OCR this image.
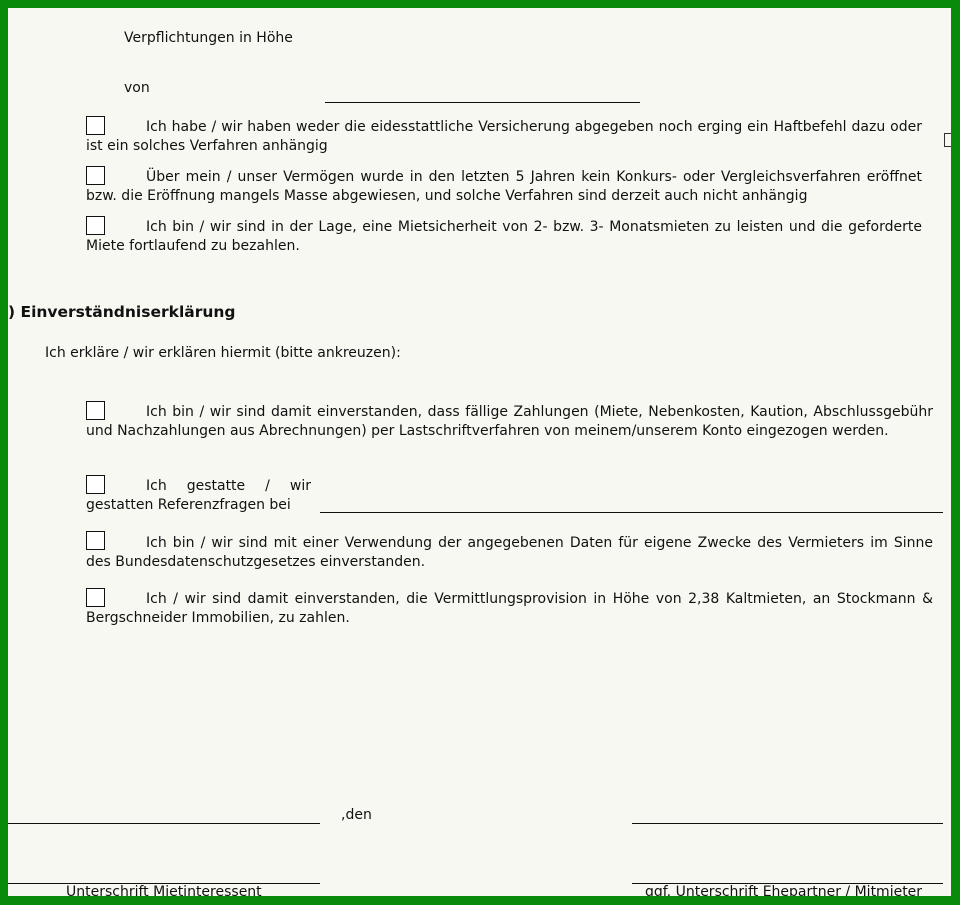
Verpflichtungen in Höhe
von
Ich habe / wir haben weder die eidesstattliche Versicherung abgegeben noch erging ein Haftbefehl dazu oder ist ein solches Verfahren anhängig
Über mein / unser Vermögen wurde in den letzten 5 Jahren kein Konkurs- oder Vergleichsverfahren eröffnet bzw. die Eröffnung mangels Masse abgewiesen, und solche Verfahren sind derzeit auch nicht anhängig
Ich bin / wir sind in der Lage, eine Mietsicherheit von 2- bzw. 3- Monatsmieten zu leisten und die geforderte Miete fortlaufend zu bezahlen.
) Einverständniserklärung
Ich erkläre / wir erklären hiermit (bitte ankreuzen):
Ich bin / wir sind damit einverstanden, dass fällige Zahlungen (Miete, Nebenkosten, Kaution, Abschlussgebühr und Nachzahlungen aus Abrechnungen) per Lastschriftverfahren von meinem/unserem Konto eingezogen werden.
Ich gestatte / wir gestatten Referenzfragen bei
Ich bin / wir sind mit einer Verwendung der angegebenen Daten für eigene Zwecke des Vermieters im Sinne des Bundesdatenschutzgesetzes einverstanden.
Ich / wir sind damit einverstanden, die Vermittlungsprovision in Höhe von 2,38 Kaltmieten, an Stockmann & Bergschneider Immobilien, zu zahlen.
,den
Unterschrift Mietinteressent	ggf. Unterschrift Ehepartner / Mitmieter
